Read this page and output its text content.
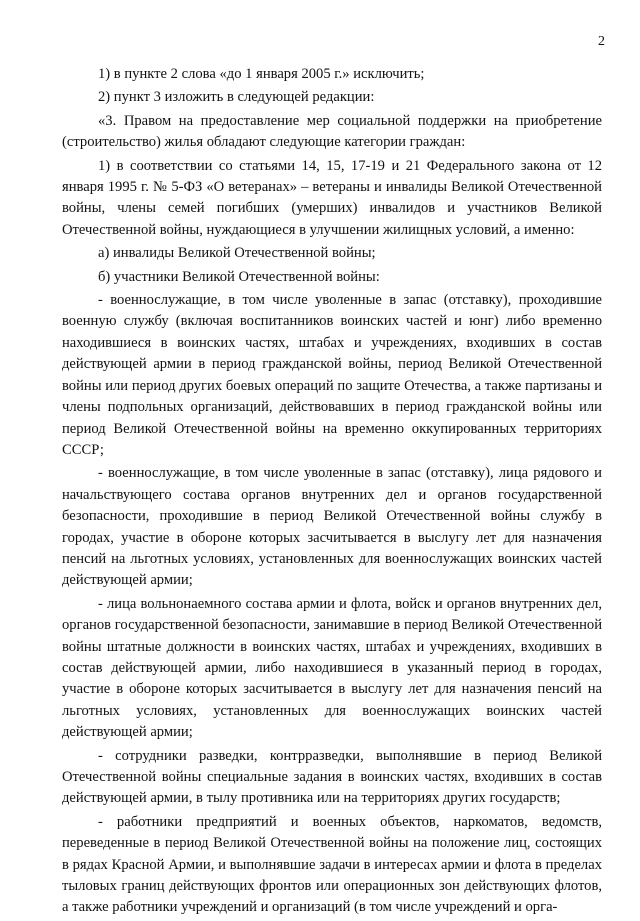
2

1) в пункте 2 слова «до 1 января 2005 г.» исключить;

2) пункт 3 изложить в следующей редакции:

«3. Правом на предоставление мер социальной поддержки на приобретение (строительство) жилья обладают следующие категории граждан:

1) в соответствии со статьями 14, 15, 17-19 и 21 Федерального закона от 12 января 1995 г. № 5-ФЗ «О ветеранах» – ветераны и инвалиды Великой Отечественной войны, члены семей погибших (умерших) инвалидов и участников Великой Отечественной войны, нуждающиеся в улучшении жилищных условий, а именно:

а) инвалиды Великой Отечественной войны;

б) участники Великой Отечественной войны:

- военнослужащие, в том числе уволенные в запас (отставку), проходившие военную службу (включая воспитанников воинских частей и юнг) либо временно находившиеся в воинских частях, штабах и учреждениях, входивших в состав действующей армии в период гражданской войны, период Великой Отечественной войны или период других боевых операций по защите Отечества, а также партизаны и члены подпольных организаций, действовавших в период гражданской войны или период Великой Отечественной войны на временно оккупированных территориях СССР;

- военнослужащие, в том числе уволенные в запас (отставку), лица рядового и начальствующего состава органов внутренних дел и органов государственной безопасности, проходившие в период Великой Отечественной войны службу в городах, участие в обороне которых засчитывается в выслугу лет для назначения пенсий на льготных условиях, установленных для военнослужащих воинских частей действующей армии;

- лица вольнонаемного состава армии и флота, войск и органов внутренних дел, органов государственной безопасности, занимавшие в период Великой Отечественной войны штатные должности в воинских частях, штабах и учреждениях, входивших в состав действующей армии, либо находившиеся в указанный период в городах, участие в обороне которых засчитывается в выслугу лет для назначения пенсий на льготных условиях, установленных для военнослужащих воинских частей действующей армии;

- сотрудники разведки, контрразведки, выполнявшие в период Великой Отечественной войны специальные задания в воинских частях, входивших в состав действующей армии, в тылу противника или на территориях других государств;

- работники предприятий и военных объектов, наркоматов, ведомств, переведенные в период Великой Отечественной войны на положение лиц, состоящих в рядах Красной Армии, и выполнявшие задачи в интересах армии и флота в пределах тыловых границ действующих фронтов или операционных зон действующих флотов, а также работники учреждений и организаций (в том числе учреждений и орга-
